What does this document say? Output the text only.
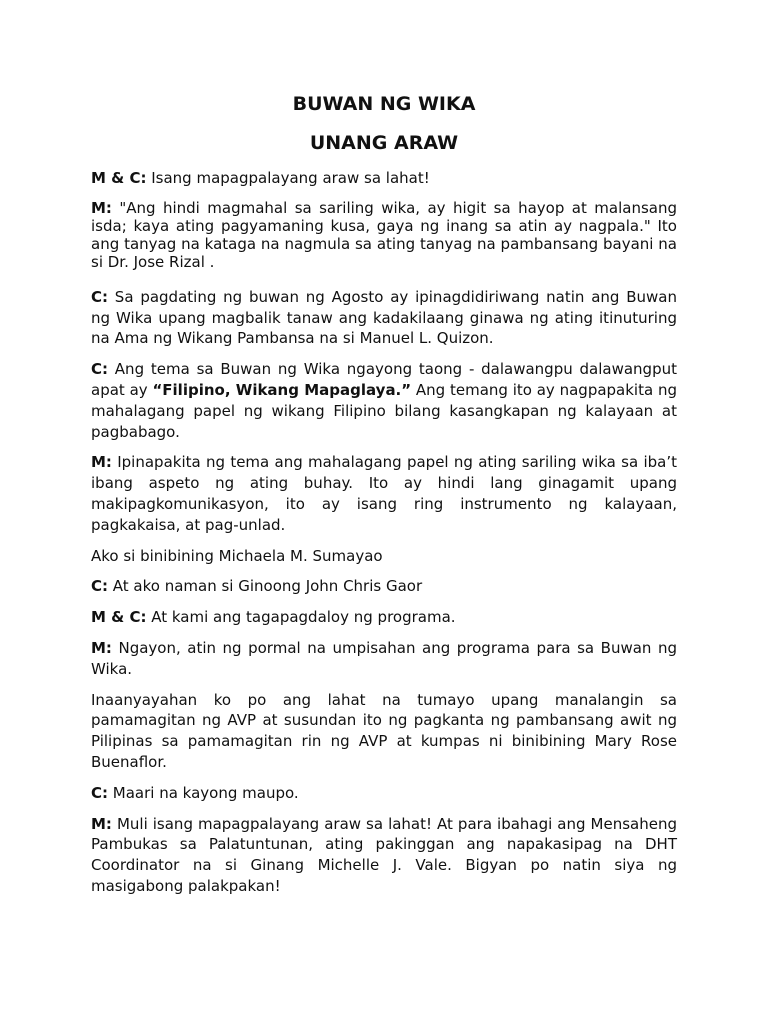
BUWAN NG WIKA
UNANG ARAW

M & C: Isang mapagpalayang araw sa lahat!

M: "Ang hindi magmahal sa sariling wika, ay higit sa hayop at malansang isda; kaya ating pagyamaning kusa, gaya ng inang sa atin ay nagpala." Ito ang tanyag na kataga na nagmula sa ating tanyag na pambansang bayani na si Dr. Jose Rizal .

C: Sa pagdating ng buwan ng Agosto ay ipinagdidiriwang natin ang Buwan ng Wika upang magbalik tanaw ang kadakilaang ginawa ng ating itinuturing na Ama ng Wikang Pambansa na si Manuel L. Quizon.

C: Ang tema sa Buwan ng Wika ngayong taong - dalawangpu dalawangput apat ay “Filipino, Wikang Mapaglaya.” Ang temang ito ay nagpapakita ng mahalagang papel ng wikang Filipino bilang kasangkapan ng kalayaan at pagbabago.

M: Ipinapakita ng tema ang mahalagang papel ng ating sariling wika sa iba’t ibang aspeto ng ating buhay. Ito ay hindi lang ginagamit upang makipagkomunikasyon, ito ay isang ring instrumento ng kalayaan, pagkakaisa, at pag-unlad.

Ako si binibining Michaela M. Sumayao

C: At ako naman si Ginoong John Chris Gaor

M & C: At kami ang tagapagdaloy ng programa.

M: Ngayon, atin ng pormal na umpisahan ang programa para sa Buwan ng Wika.

Inaanyayahan ko po ang lahat na tumayo upang manalangin sa pamamagitan ng AVP at susundan ito ng pagkanta ng pambansang awit ng Pilipinas sa pamamagitan rin ng AVP at kumpas ni binibining Mary Rose Buenaflor.

C: Maari na kayong maupo.

M: Muli isang mapagpalayang araw sa lahat! At para ibahagi ang Mensaheng Pambukas sa Palatuntunan, ating pakinggan ang napakasipag na DHT Coordinator na si Ginang Michelle J. Vale. Bigyan po natin siya ng masigabong palakpakan!
